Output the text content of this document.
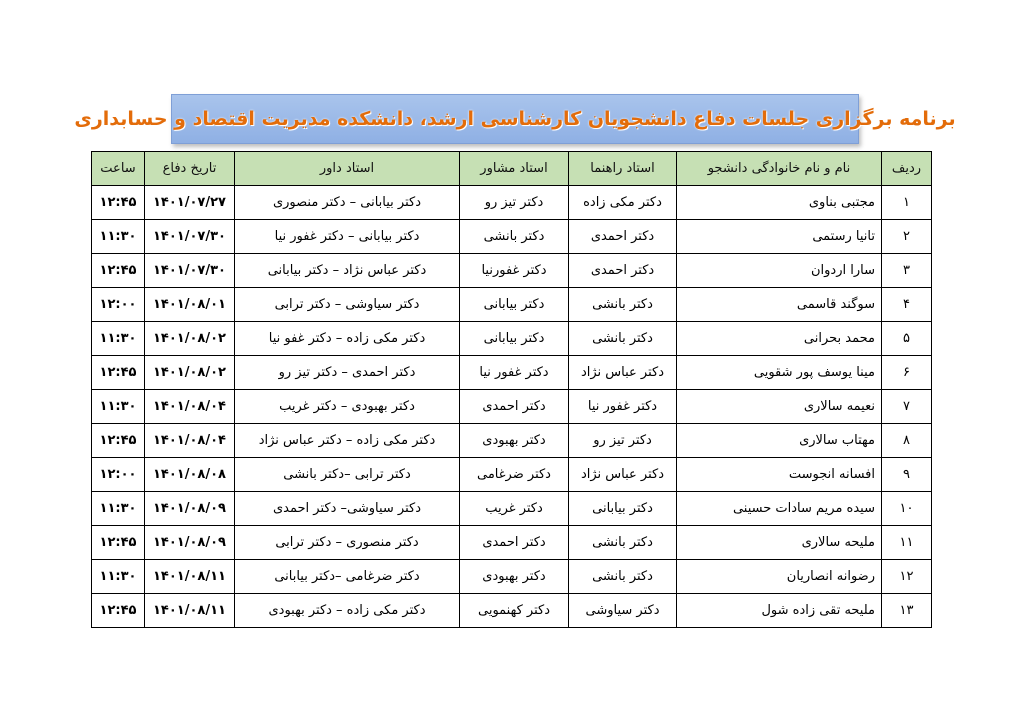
برنامه برگزاری جلسات دفاع دانشجویان کارشناسی ارشد، دانشکده مدیریت اقتصاد و حسابداری
ردیف	نام و نام خانوادگی دانشجو	استاد راهنما	استاد مشاور	استاد داور	تاریخ دفاع	ساعت
۱	مجتبی بناوی	دکتر مکی زاده	دکتر تیز رو	دکتر بیابانی – دکتر منصوری	۱۴۰۱/۰۷/۲۷	۱۲:۴۵
۲	تانیا رستمی	دکتر احمدی	دکتر بانشی	دکتر بیابانی – دکتر غفور نیا	۱۴۰۱/۰۷/۳۰	۱۱:۳۰
۳	سارا اردوان	دکتر احمدی	دکتر غفورنیا	دکتر عباس نژاد – دکتر بیابانی	۱۴۰۱/۰۷/۳۰	۱۲:۴۵
۴	سوگند قاسمی	دکتر بانشی	دکتر بیابانی	دکتر سیاوشی – دکتر ترابی	۱۴۰۱/۰۸/۰۱	۱۲:۰۰
۵	محمد بحرانی	دکتر بانشی	دکتر بیابانی	دکتر مکی زاده – دکتر غفو نیا	۱۴۰۱/۰۸/۰۲	۱۱:۳۰
۶	مینا یوسف پور شقویی	دکتر عباس نژاد	دکتر غفور نیا	دکتر احمدی – دکتر تیز رو	۱۴۰۱/۰۸/۰۲	۱۲:۴۵
۷	نعیمه سالاری	دکتر غفور نیا	دکتر احمدی	دکتر بهبودی – دکتر غریب	۱۴۰۱/۰۸/۰۴	۱۱:۳۰
۸	مهتاب سالاری	دکتر تیز رو	دکتر بهبودی	دکتر مکی زاده – دکتر عباس نژاد	۱۴۰۱/۰۸/۰۴	۱۲:۴۵
۹	افسانه انجوست	دکتر عباس نژاد	دکتر ضرغامی	دکتر ترابی –دکتر بانشی	۱۴۰۱/۰۸/۰۸	۱۲:۰۰
۱۰	سیده مریم سادات حسینی	دکتر بیابانی	دکتر غریب	دکتر سیاوشی– دکتر احمدی	۱۴۰۱/۰۸/۰۹	۱۱:۳۰
۱۱	ملیحه سالاری	دکتر بانشی	دکتر احمدی	دکتر منصوری – دکتر ترابی	۱۴۰۱/۰۸/۰۹	۱۲:۴۵
۱۲	رضوانه انصاریان	دکتر بانشی	دکتر بهبودی	دکتر ضرغامی –دکتر بیابانی	۱۴۰۱/۰۸/۱۱	۱۱:۳۰
۱۳	ملیحه تقی زاده شول	دکتر سیاوشی	دکتر کهنمویی	دکتر مکی زاده – دکتر بهبودی	۱۴۰۱/۰۸/۱۱	۱۲:۴۵
